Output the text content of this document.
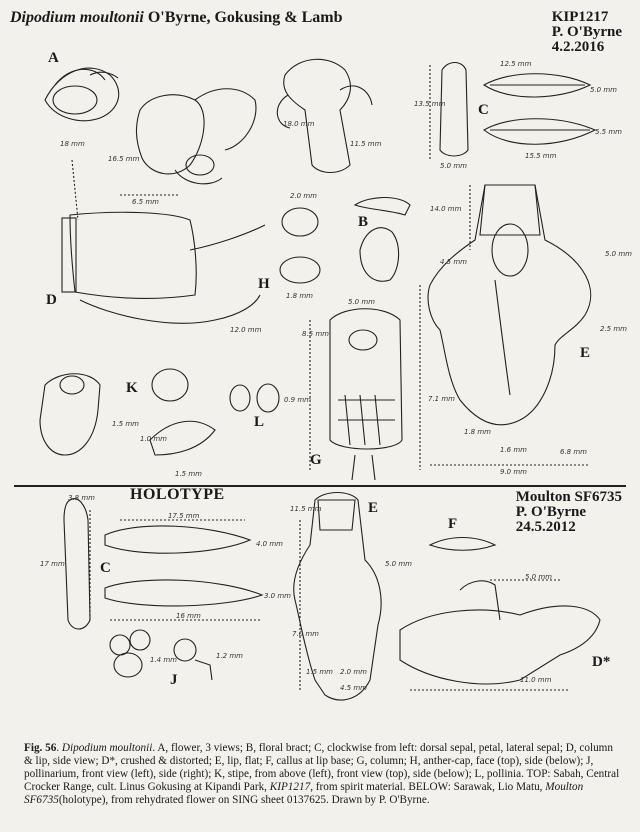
Dipodium moultonii O'Byrne, Gokusing & Lamb	KIP1217
P. O'Byrne
4.2.2016
A
C
B
H
D
E
K
L
G
18 mm
16.5 mm
18.0 mm
11.5 mm
12.5 mm
5.0 mm
15.5 mm
5.5 mm
13.5 mm
5.0 mm
6.5 mm
12.0 mm
2.0 mm
1.8 mm
5.0 mm
8.5 mm
14.0 mm
4.5 mm
5.0 mm
2.5 mm
7.1 mm
1.8 mm
1.6 mm	6.8 mm
9.0 mm
1.5 mm
1.0 mm
1.5 mm
0.9 mm
HOLOTYPE	Moulton SF6735
P. O'Byrne
24.5.2012
E
F
C
J
D*
3.8 mm
17 mm
17.5 mm
4.0 mm
16 mm
3.0 mm
11.5 mm
7.0 mm
1.5 mm 2.0 mm
4.5 mm
5.0 mm
1.4 mm	1.2 mm
5.0 mm
11.0 mm
Fig. 56. Dipodium moultonii. A, flower, 3 views; B, floral bract; C, clockwise from left: dorsal sepal, petal, lateral sepal; D, column & lip, side view; D*, crushed & distorted; E, lip, flat; F, callus at lip base; G, column; H, anther-cap, face (top), side (below); J, pollinarium, front view (left), side (right); K, stipe, from above (left), front view (top), side (below); L, pollinia. TOP: Sabah, Central Crocker Range, cult. Linus Gokusing at Kipandi Park, KIP1217, from spirit material. BELOW: Sarawak, Lio Matu, Moulton SF6735(holotype), from rehydrated flower on SING sheet 0137625. Drawn by P. O'Byrne.
